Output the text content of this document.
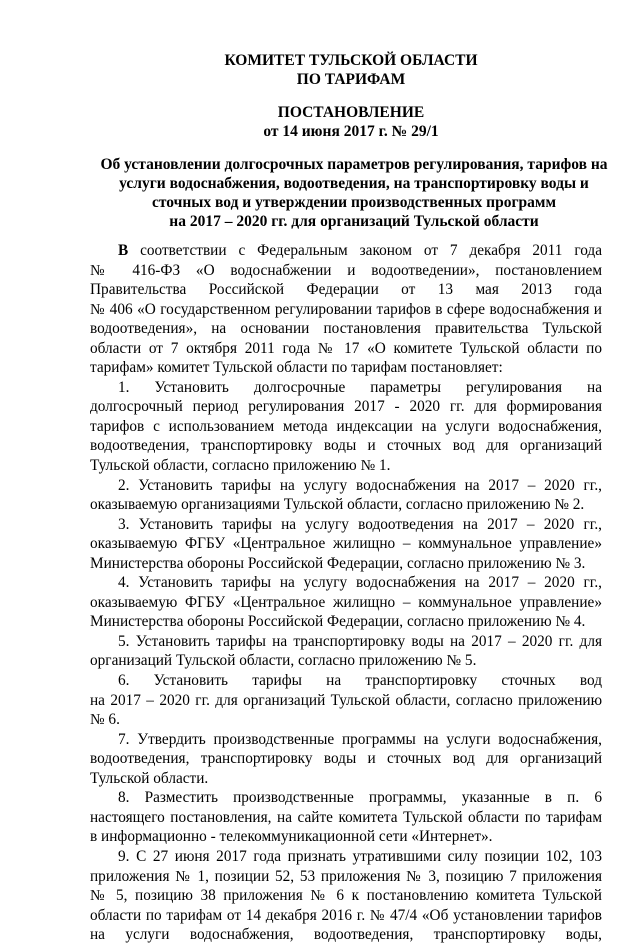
КОМИТЕТ ТУЛЬСКОЙ ОБЛАСТИ
ПО ТАРИФАМ
ПОСТАНОВЛЕНИЕ
от 14 июня 2017 г. № 29/1
Об установлении долгосрочных параметров регулирования, тарифов на
услуги водоснабжения, водоотведения, на транспортировку воды и
сточных вод и утверждении производственных программ
на 2017 – 2020 гг. для организаций Тульской области
В соответствии с Федеральным законом от 7 декабря 2011 года
№ 416-ФЗ «О водоснабжении и водоотведении», постановлением
Правительства Российской Федерации от 13 мая 2013 года
№ 406 «О государственном регулировании тарифов в сфере водоснабжения и
водоотведения», на основании постановления правительства Тульской
области от 7 октября 2011 года № 17 «О комитете Тульской области по
тарифам» комитет Тульской области по тарифам постановляет:
1. Установить долгосрочные параметры регулирования на
долгосрочный период регулирования 2017 - 2020 гг. для формирования
тарифов с использованием метода индексации на услуги водоснабжения,
водоотведения, транспортировку воды и сточных вод для организаций
Тульской области, согласно приложению № 1.
2. Установить тарифы на услугу водоснабжения на 2017 – 2020 гг.,
оказываемую организациями Тульской области, согласно приложению № 2.
3. Установить тарифы на услугу водоотведения на 2017 – 2020 гг.,
оказываемую ФГБУ «Центральное жилищно – коммунальное управление»
Министерства обороны Российской Федерации, согласно приложению № 3.
4. Установить тарифы на услугу водоснабжения на 2017 – 2020 гг.,
оказываемую ФГБУ «Центральное жилищно – коммунальное управление»
Министерства обороны Российской Федерации, согласно приложению № 4.
5. Установить тарифы на транспортировку воды на 2017 – 2020 гг. для
организаций Тульской области, согласно приложению № 5.
6. Установить тарифы на транспортировку сточных вод
на 2017 – 2020 гг. для организаций Тульской области, согласно приложению
№ 6.
7. Утвердить производственные программы на услуги водоснабжения,
водоотведения, транспортировку воды и сточных вод для организаций
Тульской области.
8. Разместить производственные программы, указанные в п. 6
настоящего постановления, на сайте комитета Тульской области по тарифам
в информационно - телекоммуникационной сети «Интернет».
9. С 27 июня 2017 года признать утратившими силу позиции 102, 103
приложения № 1, позиции 52, 53 приложения № 3, позицию 7 приложения
№ 5, позицию 38 приложения № 6 к постановлению комитета Тульской
области по тарифам от 14 декабря 2016 г. № 47/4 «Об установлении тарифов
на услуги водоснабжения, водоотведения, транспортировку воды,
